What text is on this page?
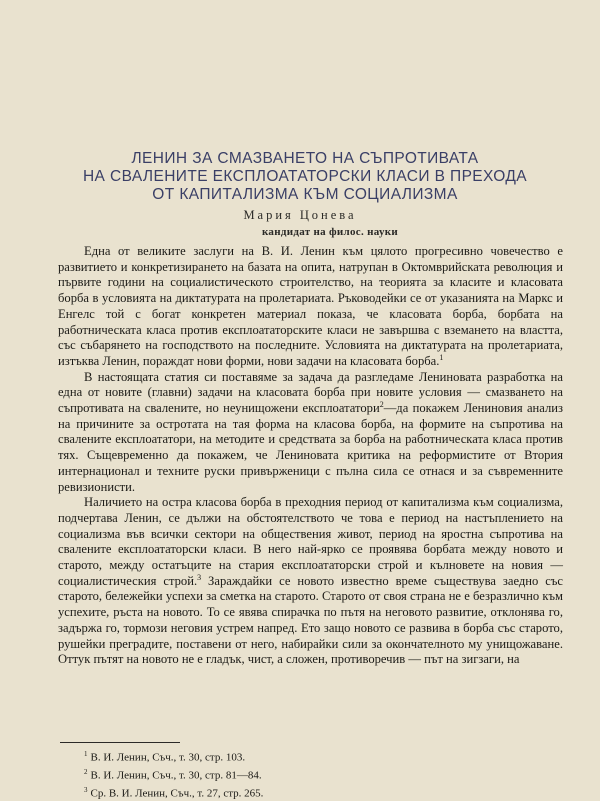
ЛЕНИН ЗА СМАЗВАНЕТО НА СЪПРОТИВАТА
НА СВАЛЕНИТЕ ЕКСПЛОАТАТОРСКИ КЛАСИ В ПРЕХОДА
ОТ КАПИТАЛИЗМА КЪМ СОЦИАЛИЗМА
Мария Цонева
кандидат на филос. науки

Една от великите заслуги на В. И. Ленин към цялото прогресивно човечество е развитието и конкретизирането на базата на опита, натрупан в Октомврийската революция и първите години на социалистическото строителство, на теорията за класите и класовата борба в условията на диктатурата на пролетариата. Ръководейки се от указанията на Маркс и Енгелс той с богат конкретен материал показа, че класовата борба, борбата на работническата класа против експлоататорските класи не завършва с вземането на властта, със събарянето на господството на последните. Условията на диктатурата на пролетариата, изтъква Ленин, пораждат нови форми, нови задачи на класовата борба.$^1$

В настоящата статия си поставяме за задача да разгледаме Лениновата разработка на една от новите (главни) задачи на класовата борба при новите условия — смазването на съпротивата на свалените, но неунищожени експлоататори$^2$—да покажем Лениновия анализ на причините за остротата на тая форма на класова борба, на формите на съпротива на свалените експлоататори, на методите и средствата за борба на работническата класа против тях. Същевременно да покажем, че Лениновата критика на реформистите от Втория интернационал и техните руски привърженици с пълна сила се отнася и за съвременните ревизионисти.

Наличието на остра класова борба в преходния период от капитализма към социализма, подчертава Ленин, се дължи на обстоятелството че това е период на настъплението на социализма във всички сектори на обществения живот, период на яростна съпротива на свалените експлоататорски класи. В него най-ярко се проявява борбата между новото и старото, между остатъците на стария експлоататорски строй и кълновете на новия — социалистическия строй.$^3$ Зараждайки се новото известно време съществува заедно със старото, бележейки успехи за сметка на старото. Старото от своя страна не е безразлично към успехите, ръста на новото. То се явява спирачка по пътя на неговото развитие, отклонява го, задържа го, тормози неговия устрем напред. Ето защо новото се развива в борба със старото, рушейки преградите, поставени от него, набирайки сили за окончателното му унищожаване. Оттук пътят на новото не е гладък, чист, а сложен, противоречив — път на зигзаги, на

$^1$ В. И. Ленин, Съч., т. 30, стр. 103.
$^2$ В. И. Ленин, Съч., т. 30, стр. 81—84.
$^3$ Ср. В. И. Ленин, Съч., т. 27, стр. 265.
